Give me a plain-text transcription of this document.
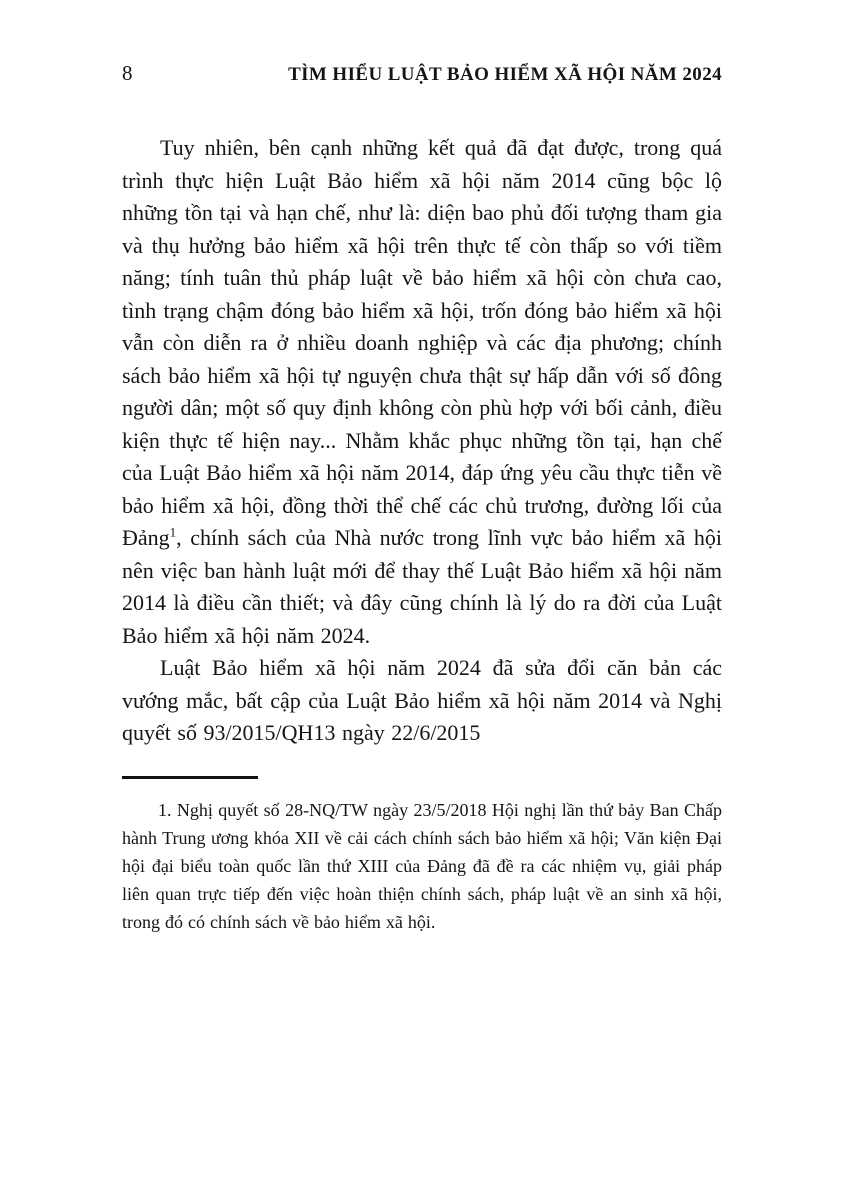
8	TÌM HIỂU LUẬT BẢO HIỂM XÃ HỘI NĂM 2024

Tuy nhiên, bên cạnh những kết quả đã đạt được, trong quá trình thực hiện Luật Bảo hiểm xã hội năm 2014 cũng bộc lộ những tồn tại và hạn chế, như là: diện bao phủ đối tượng tham gia và thụ hưởng bảo hiểm xã hội trên thực tế còn thấp so với tiềm năng; tính tuân thủ pháp luật về bảo hiểm xã hội còn chưa cao, tình trạng chậm đóng bảo hiểm xã hội, trốn đóng bảo hiểm xã hội vẫn còn diễn ra ở nhiều doanh nghiệp và các địa phương; chính sách bảo hiểm xã hội tự nguyện chưa thật sự hấp dẫn với số đông người dân; một số quy định không còn phù hợp với bối cảnh, điều kiện thực tế hiện nay... Nhằm khắc phục những tồn tại, hạn chế của Luật Bảo hiểm xã hội năm 2014, đáp ứng yêu cầu thực tiễn về bảo hiểm xã hội, đồng thời thể chế các chủ trương, đường lối của Đảng$^1$, chính sách của Nhà nước trong lĩnh vực bảo hiểm xã hội nên việc ban hành luật mới để thay thế Luật Bảo hiểm xã hội năm 2014 là điều cần thiết; và đây cũng chính là lý do ra đời của Luật Bảo hiểm xã hội năm 2024.

Luật Bảo hiểm xã hội năm 2024 đã sửa đổi căn bản các vướng mắc, bất cập của Luật Bảo hiểm xã hội năm 2014 và Nghị quyết số 93/2015/QH13 ngày 22/6/2015

1. Nghị quyết số 28-NQ/TW ngày 23/5/2018 Hội nghị lần thứ bảy Ban Chấp hành Trung ương khóa XII về cải cách chính sách bảo hiểm xã hội; Văn kiện Đại hội đại biểu toàn quốc lần thứ XIII của Đảng đã đề ra các nhiệm vụ, giải pháp liên quan trực tiếp đến việc hoàn thiện chính sách, pháp luật về an sinh xã hội, trong đó có chính sách về bảo hiểm xã hội.
